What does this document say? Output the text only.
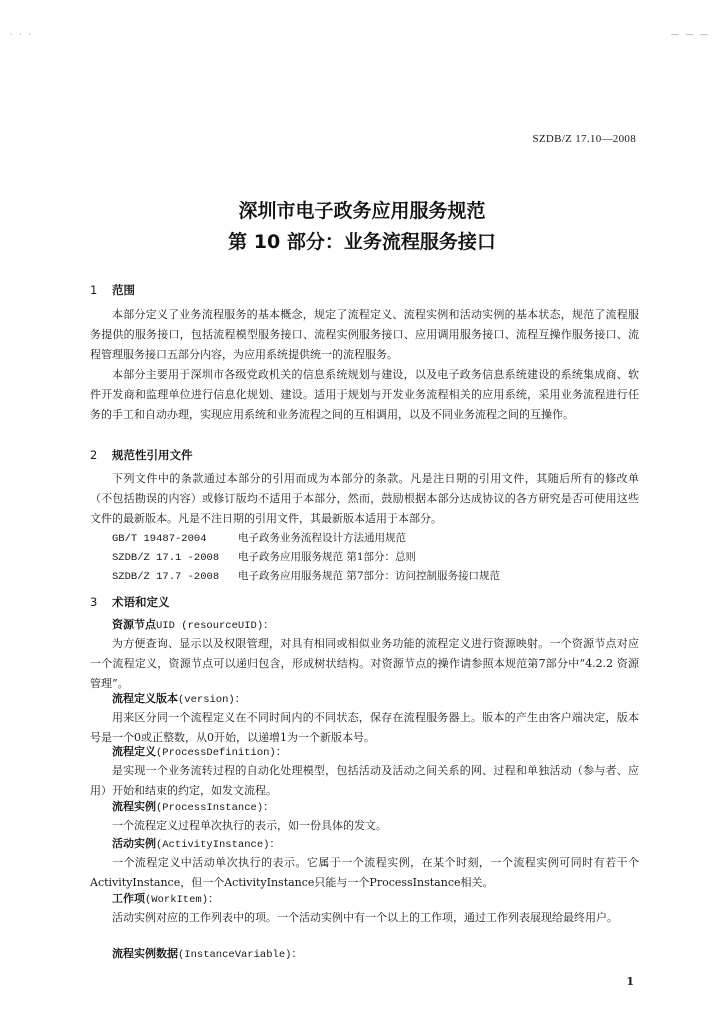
· · ·	— — —
SZDB/Z 17.10—2008
深圳市电子政务应用服务规范
第 10 部分：业务流程服务接口
1 范围

本部分定义了业务流程服务的基本概念，规定了流程定义、流程实例和活动实例的基本状态，规范了流程服务提供的服务接口，包括流程模型服务接口、流程实例服务接口、应用调用服务接口、流程互操作服务接口、流程管理服务接口五部分内容，为应用系统提供统一的流程服务。

本部分主要用于深圳市各级党政机关的信息系统规划与建设，以及电子政务信息系统建设的系统集成商、软件开发商和监理单位进行信息化规划、建设。适用于规划与开发业务流程相关的应用系统，采用业务流程进行任务的手工和自动办理，实现应用系统和业务流程之间的互相调用，以及不同业务流程之间的互操作。

2 规范性引用文件

下列文件中的条款通过本部分的引用而成为本部分的条款。凡是注日期的引用文件，其随后所有的修改单（不包括勘误的内容）或修订版均不适用于本部分，然而，鼓励根据本部分达成协议的各方研究是否可使用这些文件的最新版本。凡是不注日期的引用文件，其最新版本适用于本部分。

GB/T 19487-2004	电子政务业务流程设计方法通用规范
SZDB/Z 17.1 -2008 电子政务应用服务规范 第1部分：总则
SZDB/Z 17.7 -2008 电子政务应用服务规范 第7部分：访问控制服务接口规范
3 术语和定义
资源节点UID (resourceUID)：

为方便查询、显示以及权限管理，对具有相同或相似业务功能的流程定义进行资源映射。一个资源节点对应一个流程定义，资源节点可以递归包含，形成树状结构。对资源节点的操作请参照本规范第7部分中“4.2.2 资源管理”。

流程定义版本(version)：

用来区分同一个流程定义在不同时间内的不同状态，保存在流程服务器上。版本的产生由客户端决定，版本号是一个0或正整数，从0开始，以递增1为一个新版本号。

流程定义(ProcessDefinition)：

是实现一个业务流转过程的自动化处理模型，包括活动及活动之间关系的网、过程和单独活动（参与者、应用）开始和结束的约定，如发文流程。

流程实例(ProcessInstance)：

一个流程定义过程单次执行的表示，如一份具体的发文。

活动实例(ActivityInstance)：

一个流程定义中活动单次执行的表示。它属于一个流程实例，在某个时刻，一个流程实例可同时有若干个ActivityInstance，但一个ActivityInstance只能与一个ProcessInstance相关。

工作项(WorkItem)：

活动实例对应的工作列表中的项。一个活动实例中有一个以上的工作项，通过工作列表展现给最终用户。

流程实例数据(InstanceVariable)：
1
